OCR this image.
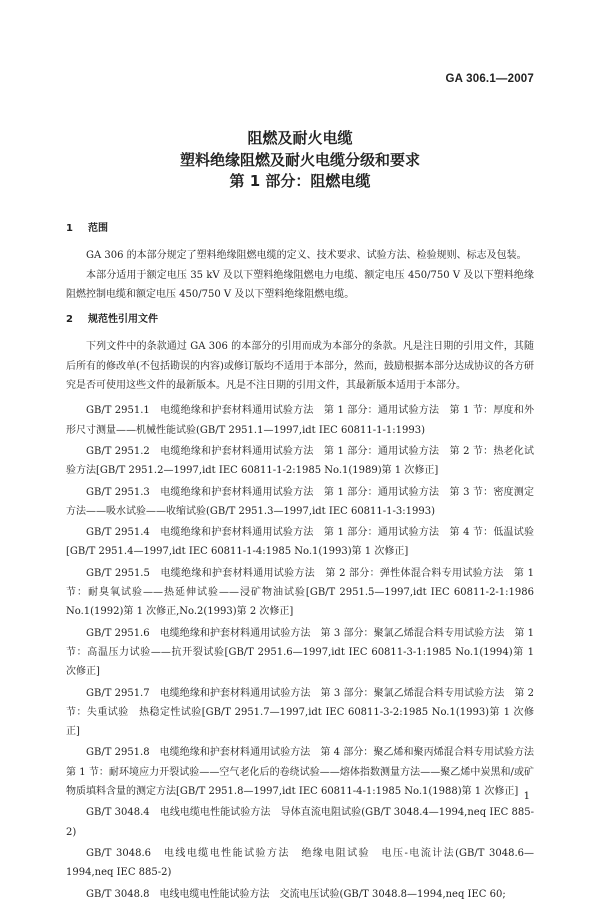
GA 306.1—2007
阻燃及耐火电缆
塑料绝缘阻燃及耐火电缆分级和要求
第 1 部分：阻燃电缆
1 范围

GA 306 的本部分规定了塑料绝缘阻燃电缆的定义、技术要求、试验方法、检验规则、标志及包装。

本部分适用于额定电压 35 kV 及以下塑料绝缘阻燃电力电缆、额定电压 450/750 V 及以下塑料绝缘阻燃控制电缆和额定电压 450/750 V 及以下塑料绝缘阻燃电缆。

2 规范性引用文件

下列文件中的条款通过 GA 306 的本部分的引用而成为本部分的条款。凡是注日期的引用文件，其随后所有的修改单(不包括勘误的内容)或修订版均不适用于本部分，然而，鼓励根据本部分达成协议的各方研究是否可使用这些文件的最新版本。凡是不注日期的引用文件，其最新版本适用于本部分。

GB/T 2951.1　电缆绝缘和护套材料通用试验方法　第 1 部分：通用试验方法　第 1 节：厚度和外形尺寸测量——机械性能试验(GB/T 2951.1—1997,idt IEC 60811-1-1:1993)

GB/T 2951.2　电缆绝缘和护套材料通用试验方法　第 1 部分：通用试验方法　第 2 节：热老化试验方法[GB/T 2951.2—1997,idt IEC 60811-1-2:1985 No.1(1989)第 1 次修正]

GB/T 2951.3　电缆绝缘和护套材料通用试验方法　第 1 部分：通用试验方法　第 3 节：密度测定方法——吸水试验——收缩试验(GB/T 2951.3—1997,idt IEC 60811-1-3:1993)

GB/T 2951.4　电缆绝缘和护套材料通用试验方法　第 1 部分：通用试验方法　第 4 节：低温试验[GB/T 2951.4—1997,idt IEC 60811-1-4:1985 No.1(1993)第 1 次修正]

GB/T 2951.5　电缆绝缘和护套材料通用试验方法　第 2 部分：弹性体混合料专用试验方法　第 1 节：耐臭氧试验——热延伸试验——浸矿物油试验[GB/T 2951.5—1997,idt IEC 60811-2-1:1986 No.1(1992)第 1 次修正,No.2(1993)第 2 次修正]

GB/T 2951.6　电缆绝缘和护套材料通用试验方法　第 3 部分：聚氯乙烯混合料专用试验方法　第 1 节：高温压力试验——抗开裂试验[GB/T 2951.6—1997,idt IEC 60811-3-1:1985 No.1(1994)第 1 次修正]

GB/T 2951.7　电缆绝缘和护套材料通用试验方法　第 3 部分：聚氯乙烯混合料专用试验方法　第 2 节：失重试验　热稳定性试验[GB/T 2951.7—1997,idt IEC 60811-3-2:1985 No.1(1993)第 1 次修正]

GB/T 2951.8　电缆绝缘和护套材料通用试验方法　第 4 部分：聚乙烯和聚丙烯混合料专用试验方法　第 1 节：耐环境应力开裂试验——空气老化后的卷绕试验——熔体指数测量方法——聚乙烯中炭黑和/或矿物质填料含量的测定方法[GB/T 2951.8—1997,idt IEC 60811-4-1:1985 No.1(1988)第 1 次修正]

GB/T 3048.4　电线电缆电性能试验方法　导体直流电阻试验(GB/T 3048.4—1994,neq IEC 885-2)

GB/T 3048.6　电线电缆电性能试验方法　绝缘电阻试验　电压-电流计法(GB/T 3048.6—1994,neq IEC 885-2)

GB/T 3048.8　电线电缆电性能试验方法　交流电压试验(GB/T 3048.8—1994,neq IEC 60;

1
